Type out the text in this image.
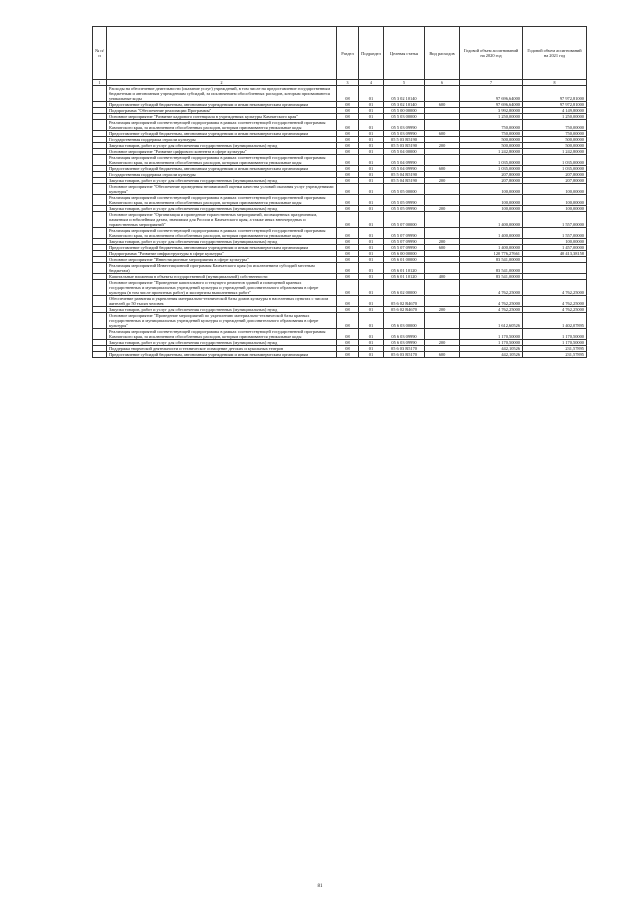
№ п/п		Раздел	Подраздел	Целевая статья	Вид расходов	Годовой объем ассигнований на 2020 год	Годовой объем ассигнований на 2021 год
1	2	3	4	5	6	7	8
	Расходы на обеспечение деятельности (оказание услуг) учреждений, в том числе на предоставление государственным бюджетным и автономным учреждениям субсидий, за исключением обособленных расходов, которым присваиваются уникальные коды	08	01	05 3 02 10140		97 696,64000	97 972,81000
	Предоставление субсидий бюджетным, автономным учреждениям и иным некоммерческим организациям	08	01	05 3 02 10140	600	97 696,64000	97 972,81000
	Подпрограмма "Обеспечение реализации Программы"	08	01	05 5 00 00000		3 992,80000	4 149,80000
	Основное мероприятие "Развитие кадрового потенциала в учреждениях культуры Камчатского края"	08	01	05 5 03 00000		1 250,00000	1 250,00000
	Реализация мероприятий соответствующей подпрограммы в рамках соответствующей государственной программы Камчатского края, за исключением обособленных расходов, которым присваиваются уникальные коды	08	01	05 5 03 09990		750,00000	750,00000
	Предоставление субсидий бюджетным, автономным учреждениям и иным некоммерческим организациям	08	01	05 5 03 09990	600	750,00000	750,00000
	Государственная поддержка отрасли культуры	08	01	05 5 03 R5190		500,00000	500,00000
	Закупка товаров, работ и услуг для обеспечения государственных (муниципальных) нужд	08	01	05 5 03 R5190	200	500,00000	500,00000
	Основное мероприятие "Развитие цифрового контента в сфере культуры"	08	01	05 5 04 00000		1 242,80000	1 242,80000
	Реализация мероприятий соответствующей подпрограммы в рамках соответствующей государственной программы Камчатского края, за исключением обособленных расходов, которым присваиваются уникальные коды	08	01	05 5 04 09990		1 035,00000	1 035,00000
	Предоставление субсидий бюджетным, автономным учреждениям и иным некоммерческим организациям	08	01	05 5 04 09990	600	1 035,00000	1 035,00000
	Государственная поддержка отрасли культуры	08	01	05 5 04 R5190		207,80000	207,80000
	Закупка товаров, работ и услуг для обеспечения государственных (муниципальных) нужд	08	01	05 5 04 R5190	200	207,80000	207,80000
	Основное мероприятие "Обеспечение проведения независимой оценки качества условий оказания услуг учреждениями культуры"	08	01	05 5 05 00000		100,00000	100,00000
	Реализация мероприятий соответствующей подпрограммы в рамках соответствующей государственной программы Камчатского края, за исключением обособленных расходов, которым присваиваются уникальные коды	08	01	05 5 05 09990		100,00000	100,00000
	Закупка товаров, работ и услуг для обеспечения государственных (муниципальных) нужд	08	01	05 5 05 09990	200	100,00000	100,00000
	Основное мероприятие "Организация и проведение торжественных мероприятий, посвященных праздничным, памятным и юбилейным датам, значимым для России и Камчатского края, а также иных внеочередных и торжественных мероприятий"	08	01	05 5 07 00000		1 400,00000	1 557,00000
	Реализация мероприятий соответствующей подпрограммы в рамках соответствующей государственной программы Камчатского края, за исключением обособленных расходов, которым присваиваются уникальные коды	08	01	05 5 07 09990		1 400,00000	1 557,00000
	Закупка товаров, работ и услуг для обеспечения государственных (муниципальных) нужд	08	01	05 5 07 09990	200		100,00000
	Предоставление субсидий бюджетным, автономным учреждениям и иным некоммерческим организациям	08	01	05 5 07 09990	600	1 400,00000	1 457,00000
	Подпрограмма "Развитие инфраструктуры в сфере культуры"	08	01	05 6 00 00000		120 776,27661	40 413,38158
	Основное мероприятие "Инвестиционные мероприятия в сфере культуры"	08	01	05 6 01 00000		83 541,00000	
	Реализация мероприятий Инвестиционной программы Камчатского края (за исключением субсидий местным бюджетам)	08	01	05 6 01 10120		83 541,00000	
	Капитальные вложения в объекты государственной (муниципальной) собственности	08	01	05 6 01 10120	400	83 541,00000	
	Основное мероприятие "Проведение капитального и текущего ремонтов зданий и помещений краевых государственных и муниципальных учреждений культуры и учреждений дополнительного образования в сфере культуры (в том числе проектных работ) и экспертизы выполненных работ"	08	01	05 6 02 00000		4 762,25000	4 762,25000
	Обеспечение развития и укрепления материально-технической базы домов культуры в населенных пунктах с числом жителей до 50 тысяч человек	08	01	05 6 02 R4670		4 762,25000	4 762,25000
	Закупка товаров, работ и услуг для обеспечения государственных (муниципальных) нужд	08	01	05 6 02 R4670	200	4 762,25000	4 762,25000
	Основное мероприятие "Проведение мероприятий по укреплению материально-технической базы краевых государственных и муниципальных учреждений культуры и учреждений дополнительного образования в сфере культуры"	08	01	05 6 03 00000		1 612,60526	1 402,07895
	Реализация мероприятий соответствующей подпрограммы в рамках соответствующей государственной программы Камчатского края, за исключением обособленных расходов, которым присваиваются уникальные коды	08	01	05 6 03 09990		1 170,50000	1 170,50000
	Закупка товаров, работ и услуг для обеспечения государственных (муниципальных) нужд	08	01	05 6 03 09990	200	1 170,50000	1 170,50000
	Поддержка творческой деятельности и техническое оснащение детских и кукольных театров	08	01	05 6 03 R5170		442,10526	231,57895
	Предоставление субсидий бюджетным, автономным учреждениям и иным некоммерческим организациям	08	01	05 6 03 R5170	600	442,10526	231,57895
81
